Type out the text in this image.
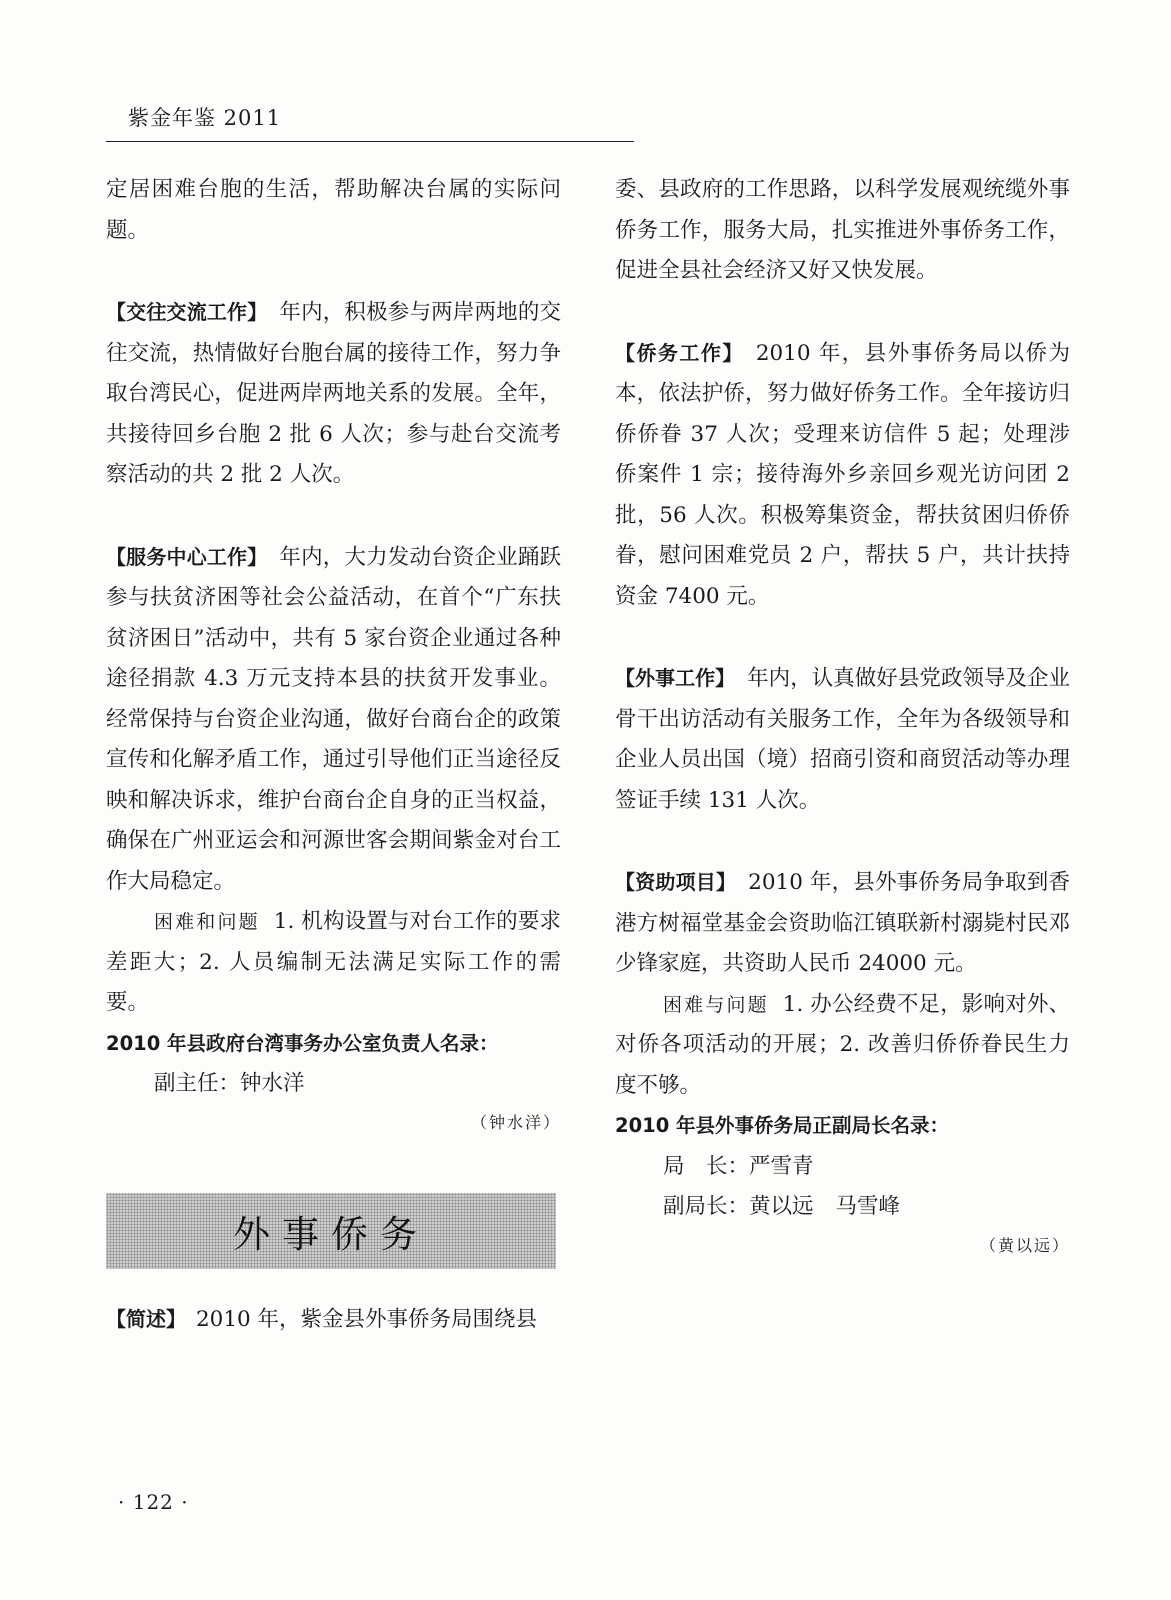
紫金年鉴 2011

定居困难台胞的生活，帮助解决台属的实际问题。

【交往交流工作】 年内，积极参与两岸两地的交往交流，热情做好台胞台属的接待工作，努力争取台湾民心，促进两岸两地关系的发展。全年，共接待回乡台胞 2 批 6 人次；参与赴台交流考察活动的共 2 批 2 人次。

【服务中心工作】 年内，大力发动台资企业踊跃参与扶贫济困等社会公益活动，在首个“广东扶贫济困日”活动中，共有 5 家台资企业通过各种途径捐款 4.3 万元支持本县的扶贫开发事业。经常保持与台资企业沟通，做好台商台企的政策宣传和化解矛盾工作，通过引导他们正当途径反映和解决诉求，维护台商台企自身的正当权益，确保在广州亚运会和河源世客会期间紫金对台工作大局稳定。

困难和问题 1. 机构设置与对台工作的要求差距大；2. 人员编制无法满足实际工作的需要。

2010 年县政府台湾事务办公室负责人名录：
副主任：钟水洋
（钟水洋）
外事侨务

【简述】 2010 年，紫金县外事侨务局围绕县

委、县政府的工作思路，以科学发展观统缆外事侨务工作，服务大局，扎实推进外事侨务工作，促进全县社会经济又好又快发展。

【侨务工作】 2010 年，县外事侨务局以侨为本，依法护侨，努力做好侨务工作。全年接访归侨侨眷 37 人次；受理来访信件 5 起；处理涉侨案件 1 宗；接待海外乡亲回乡观光访问团 2 批，56 人次。积极筹集资金，帮扶贫困归侨侨眷，慰问困难党员 2 户，帮扶 5 户，共计扶持资金 7400 元。

【外事工作】 年内，认真做好县党政领导及企业骨干出访活动有关服务工作，全年为各级领导和企业人员出国（境）招商引资和商贸活动等办理签证手续 131 人次。

【资助项目】 2010 年，县外事侨务局争取到香港方树福堂基金会资助临江镇联新村溺毙村民邓少锋家庭，共资助人民币 24000 元。

困难与问题 1. 办公经费不足，影响对外、对侨各项活动的开展；2. 改善归侨侨眷民生力度不够。

2010 年县外事侨务局正副局长名录：
局　长：严雪青
副局长：黄以远 马雪峰
（黄以远）
· 122 ·
